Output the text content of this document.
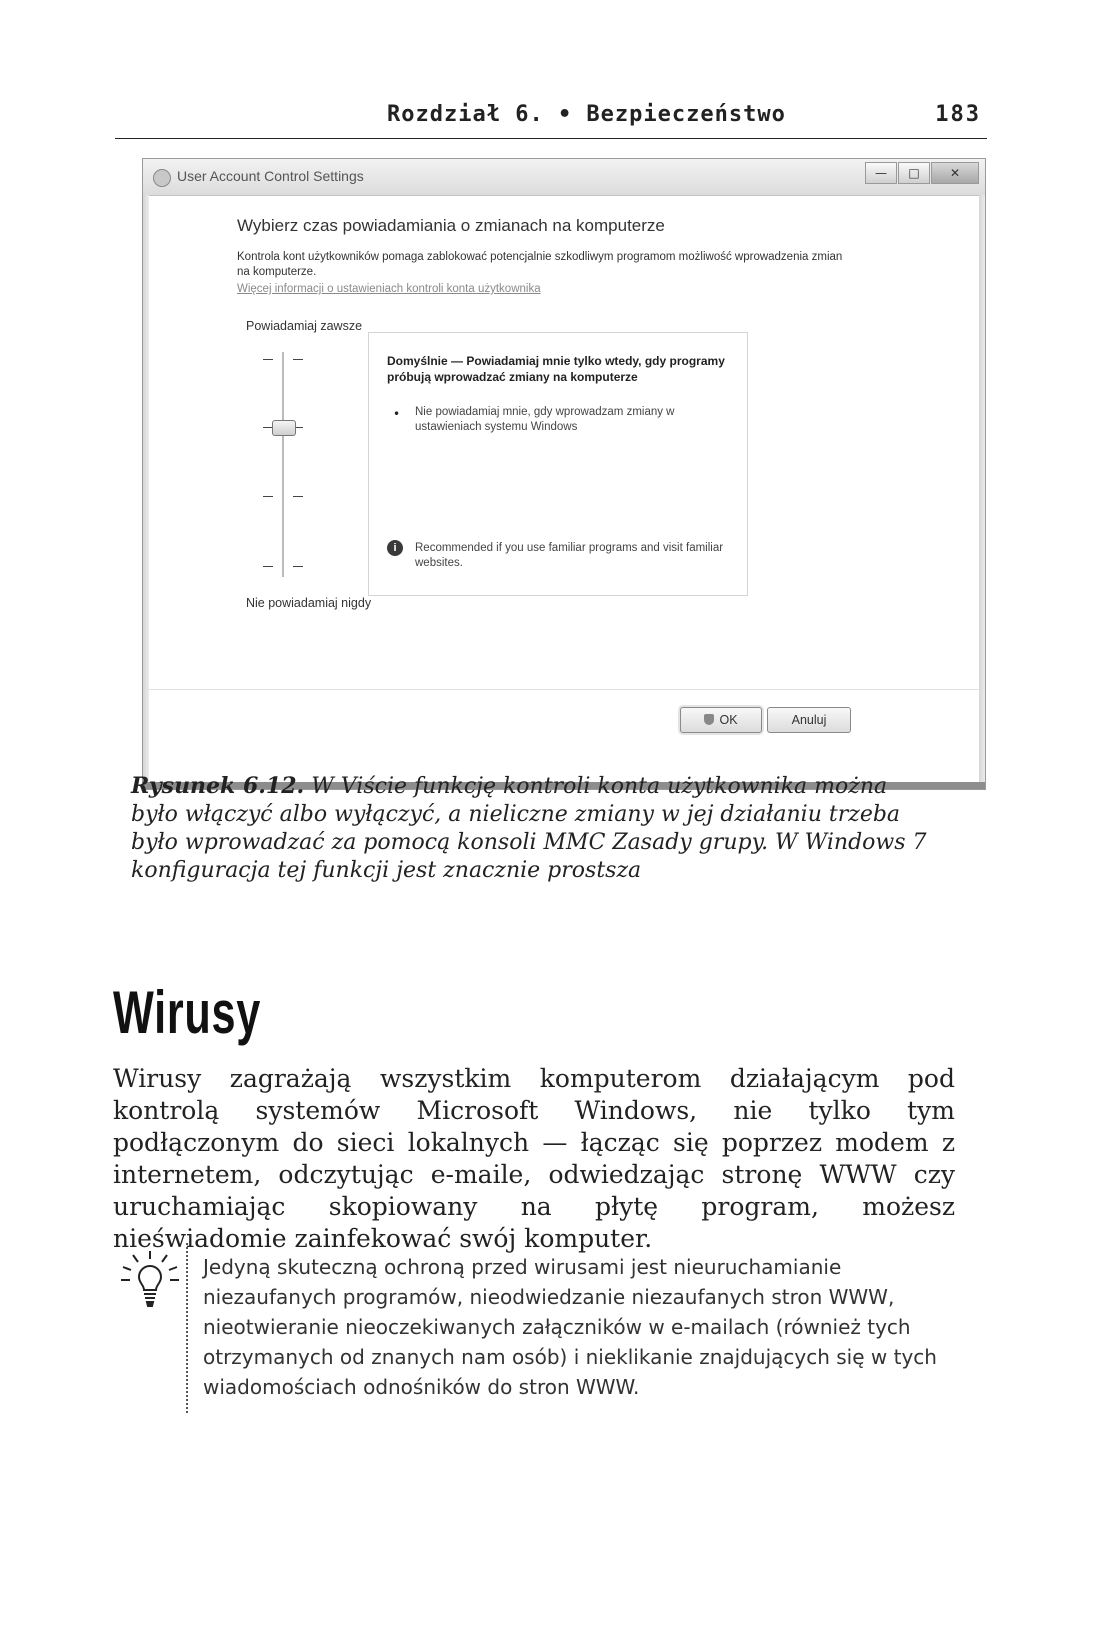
Rozdział 6. • Bezpieczeństwo	183
User Account Control Settings	—	□	✕
Wybierz czas powiadamiania o zmianach na komputerze
Kontrola kont użytkowników pomaga zablokować potencjalnie szkodliwym programom możliwość wprowadzenia zmian na komputerze.
Więcej informacji o ustawieniach kontroli konta użytkownika
Powiadamiaj zawsze
Nie powiadamiaj nigdy
Domyślnie — Powiadamiaj mnie tylko wtedy, gdy programy próbują wprowadzać zmiany na komputerze
• Nie powiadamiaj mnie, gdy wprowadzam zmiany w ustawieniach systemu Windows
i	Recommended if you use familiar programs and visit familiar websites.
OK	Anuluj
Rysunek 6.12. W Viście funkcję kontroli konta użytkownika można było włączyć albo wyłączyć, a nieliczne zmiany w jej działaniu trzeba było wprowadzać za pomocą konsoli MMC Zasady grupy. W Windows 7 konfiguracja tej funkcji jest znacznie prostsza
Wirusy
Wirusy zagrażają wszystkim komputerom działającym pod kontrolą systemów Microsoft Windows, nie tylko tym podłączonym do sieci lokalnych — łącząc się poprzez modem z internetem, odczytując e-maile, odwiedzając stronę WWW czy uruchamiając skopiowany na płytę program, możesz nieświadomie zainfekować swój komputer.
Jedyną skuteczną ochroną przed wirusami jest nieuruchamianie niezaufanych programów, nieodwiedzanie niezaufanych stron WWW, nieotwieranie nieoczekiwanych załączników w e-mailach (również tych otrzymanych od znanych nam osób) i nieklikanie znajdujących się w tych wiadomościach odnośników do stron WWW.
